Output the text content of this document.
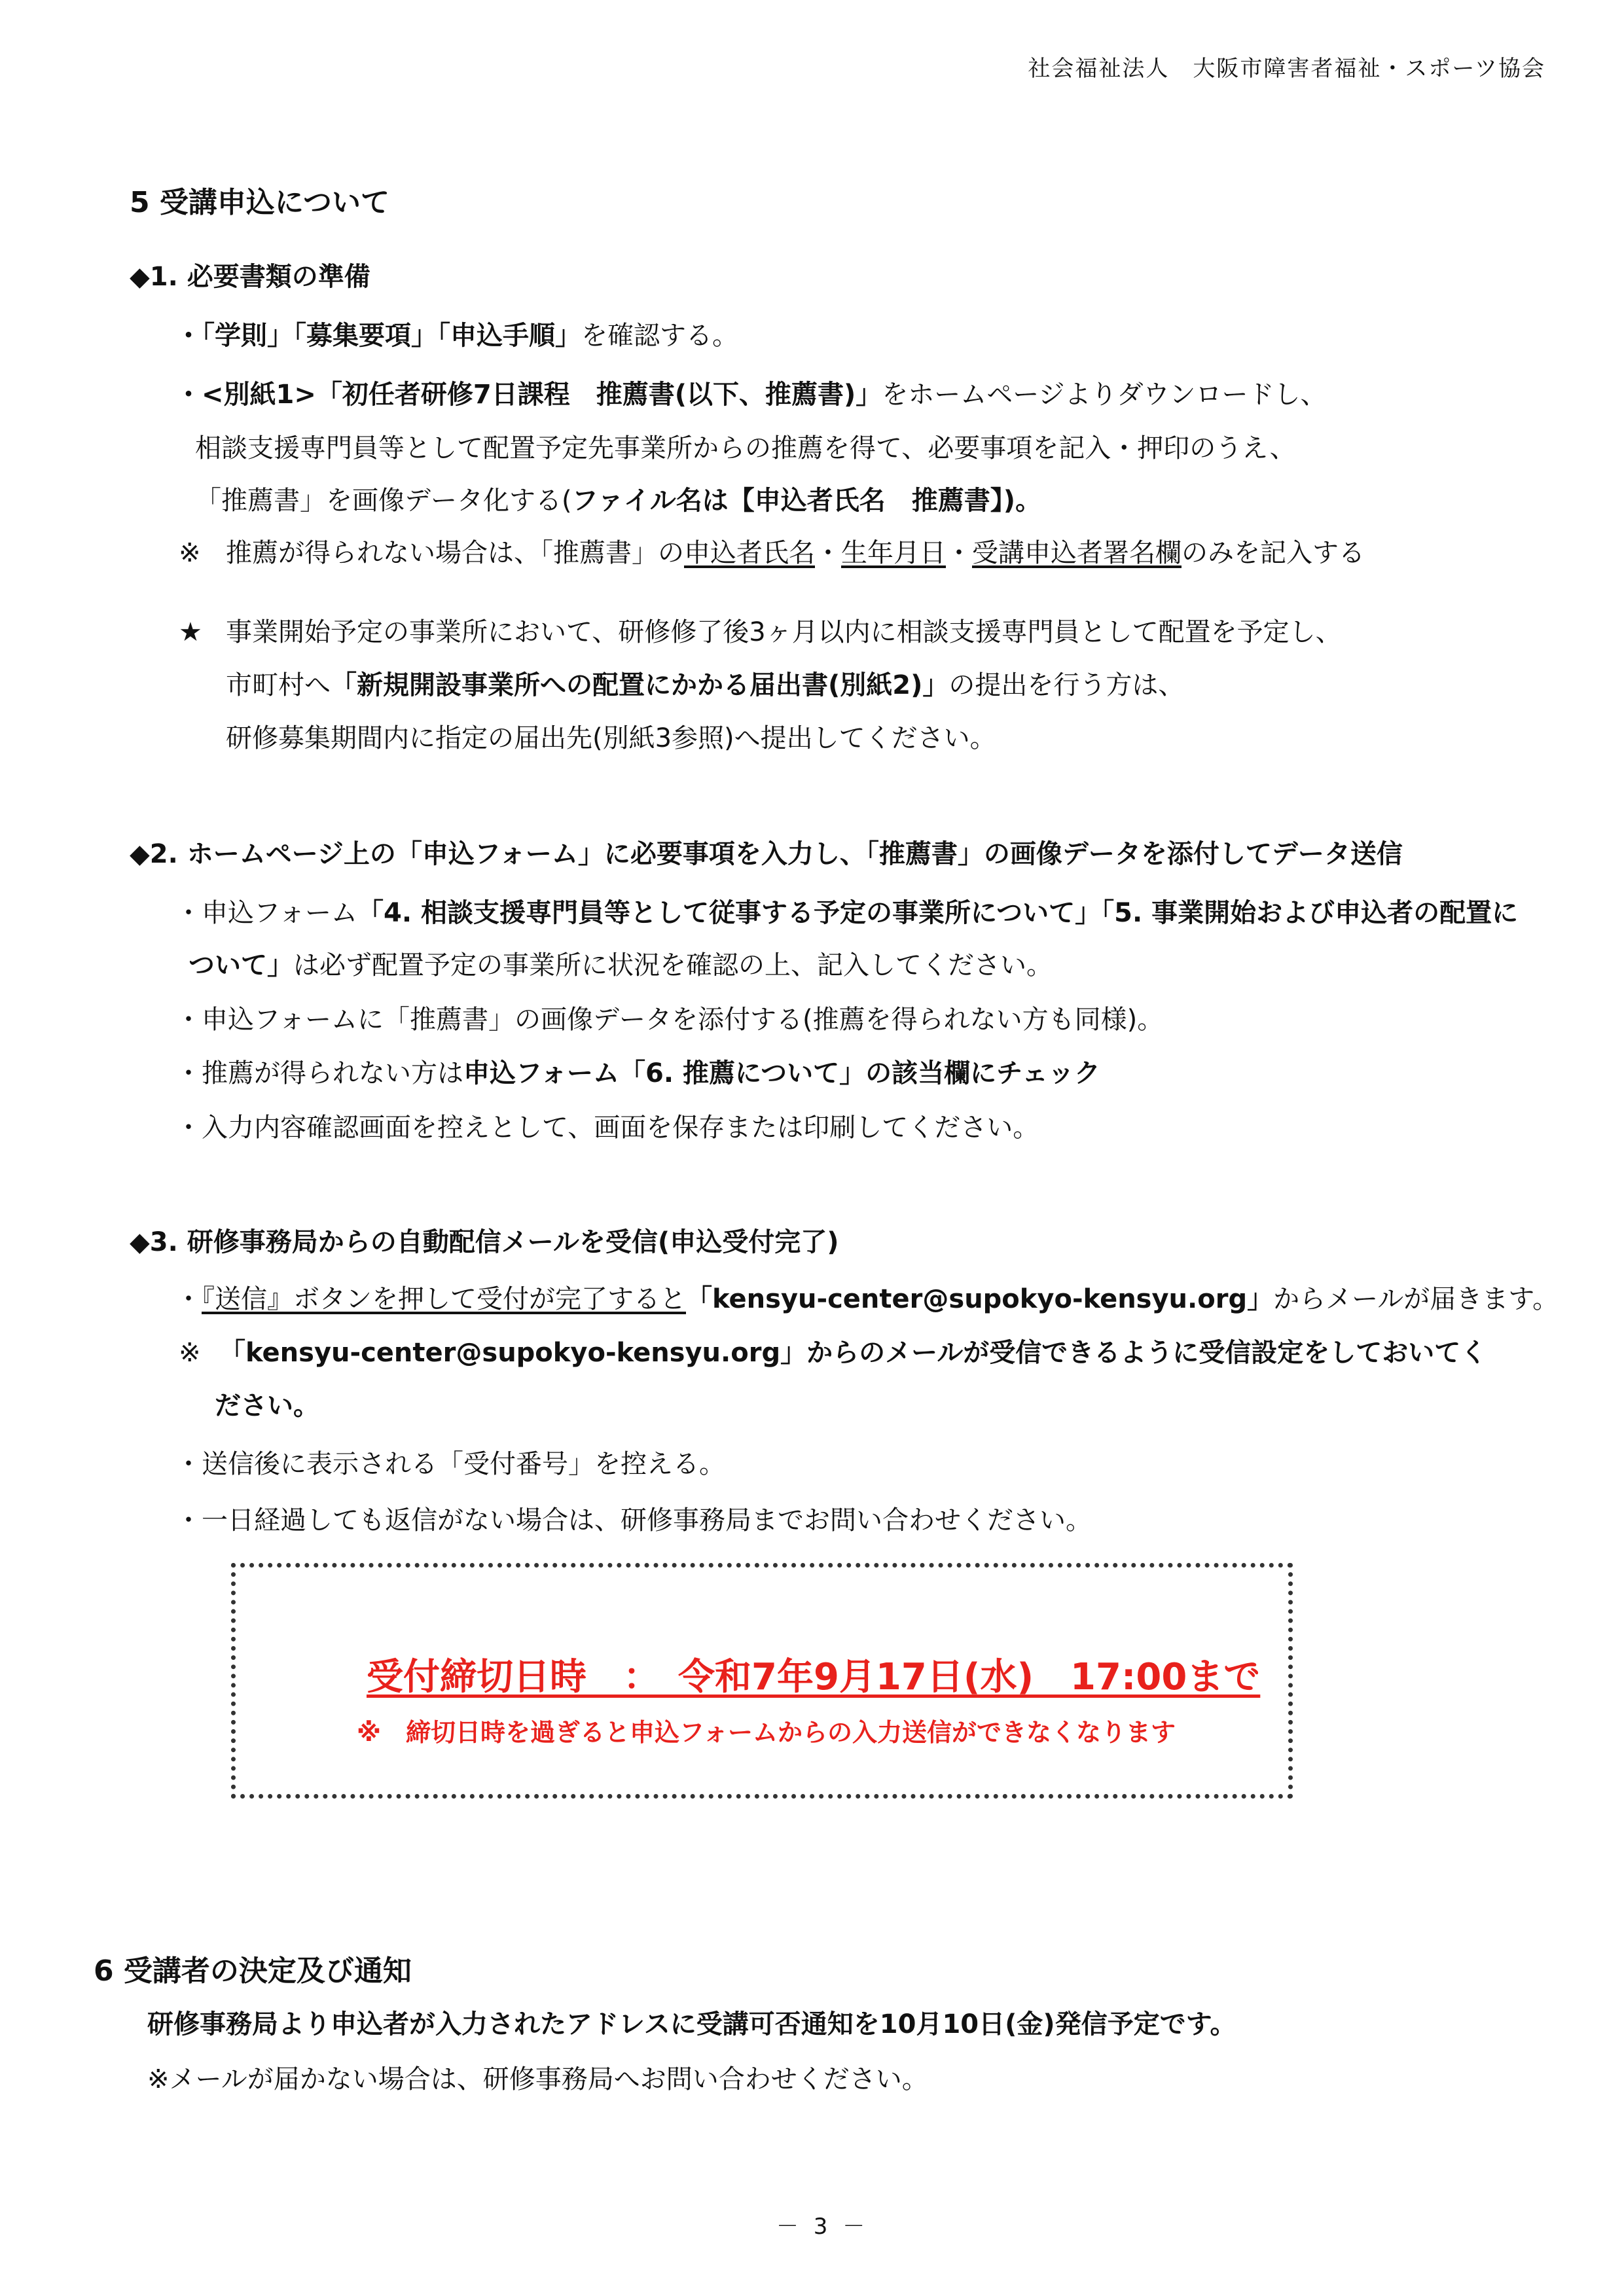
社会福祉法人　大阪市障害者福祉・スポーツ協会
5 受講申込について
◆1. 必要書類の準備
・「学則」「募集要項」「申込手順」を確認する。
・<別紙1>「初任者研修7日課程　推薦書(以下、推薦書)」をホームページよりダウンロードし、
相談支援専門員等として配置予定先事業所からの推薦を得て、必要事項を記入・押印のうえ、
「推薦書」を画像データ化する(ファイル名は【申込者氏名　推薦書】)。
※ 推薦が得られない場合は、「推薦書」の申込者氏名・生年月日・受講申込者署名欄のみを記入する
★ 事業開始予定の事業所において、研修修了後3ヶ月以内に相談支援専門員として配置を予定し、
市町村へ「新規開設事業所への配置にかかる届出書(別紙2)」の提出を行う方は、
研修募集期間内に指定の届出先(別紙3参照)へ提出してください。
◆2. ホームページ上の「申込フォーム」に必要事項を入力し、「推薦書」の画像データを添付してデータ送信
・申込フォーム「4. 相談支援専門員等として従事する予定の事業所について」「5. 事業開始および申込者の配置に
ついて」は必ず配置予定の事業所に状況を確認の上、記入してください。
・申込フォームに「推薦書」の画像データを添付する(推薦を得られない方も同様)。
・推薦が得られない方は申込フォーム「6. 推薦について」の該当欄にチェック
・入力内容確認画面を控えとして、画面を保存または印刷してください。
◆3. 研修事務局からの自動配信メールを受信(申込受付完了)
・『送信』ボタンを押して受付が完了すると「kensyu-center@supokyo-kensyu.org」からメールが届きます。
※ 「kensyu-center@supokyo-kensyu.org」からのメールが受信できるように受信設定をしておいてく
ださい。
・送信後に表示される「受付番号」を控える。
・一日経過しても返信がない場合は、研修事務局までお問い合わせください。
受付締切日時　：　令和7年9月17日(水)　17:00まで
※　締切日時を過ぎると申込フォームからの入力送信ができなくなります
6 受講者の決定及び通知
研修事務局より申込者が入力されたアドレスに受講可否通知を10月10日(金)発信予定です。
※メールが届かない場合は、研修事務局へお問い合わせください。
－ 3 －
